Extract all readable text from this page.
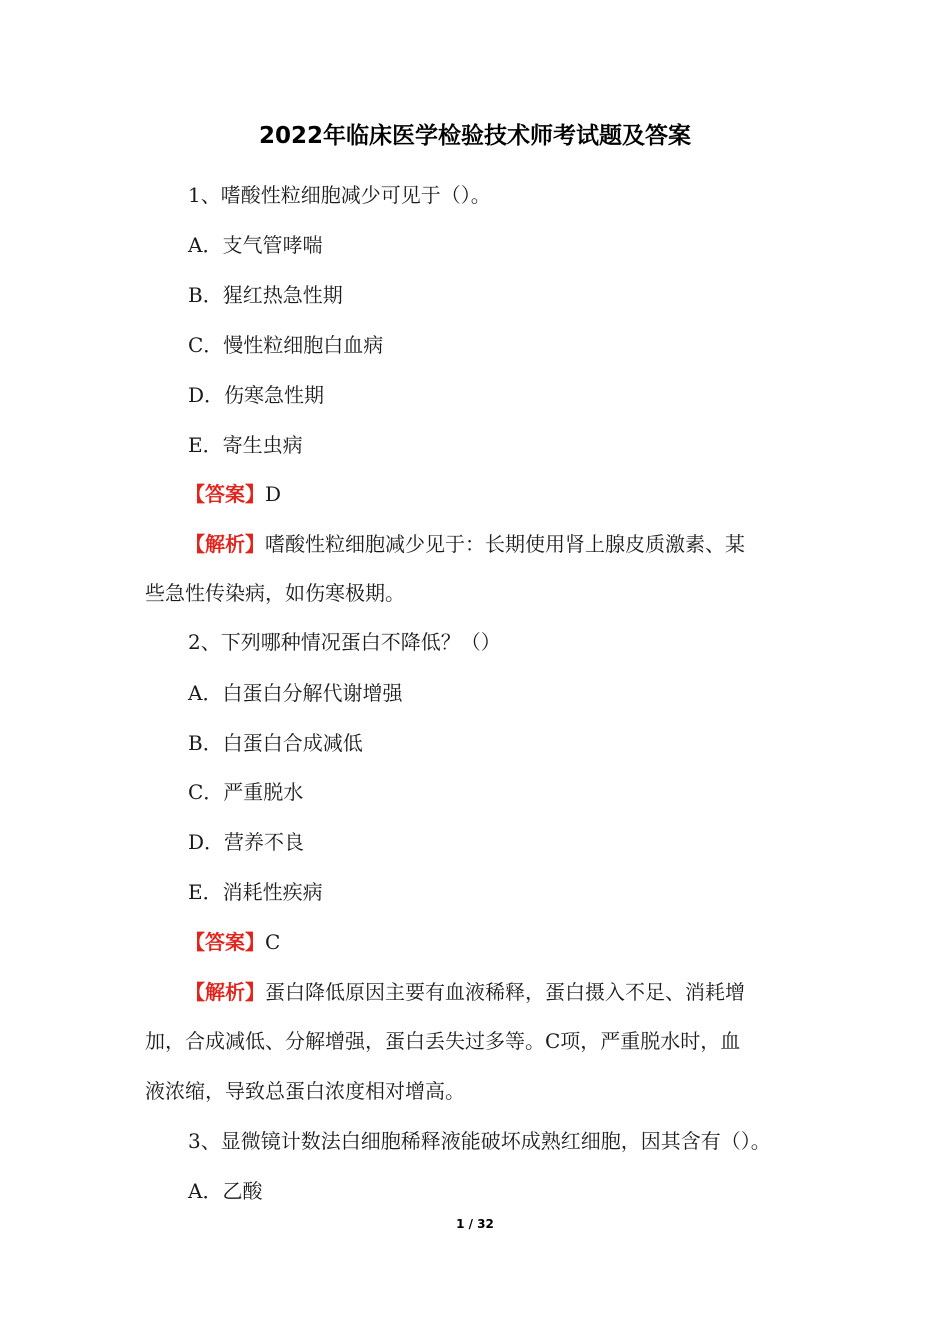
2022年临床医学检验技术师考试题及答案
1、嗜酸性粒细胞减少可见于（）。
A．支气管哮喘
B．猩红热急性期
C．慢性粒细胞白血病
D．伤寒急性期
E．寄生虫病
【答案】D
【解析】嗜酸性粒细胞减少见于：长期使用肾上腺皮质激素、某
些急性传染病，如伤寒极期。
2、下列哪种情况蛋白不降低？（）
A．白蛋白分解代谢增强
B．白蛋白合成减低
C．严重脱水
D．营养不良
E．消耗性疾病
【答案】C
【解析】蛋白降低原因主要有血液稀释，蛋白摄入不足、消耗增
加，合成减低、分解增强，蛋白丢失过多等。C项，严重脱水时，血
液浓缩，导致总蛋白浓度相对增高。
3、显微镜计数法白细胞稀释液能破坏成熟红细胞，因其含有（）。
A．乙酸
1 / 32
